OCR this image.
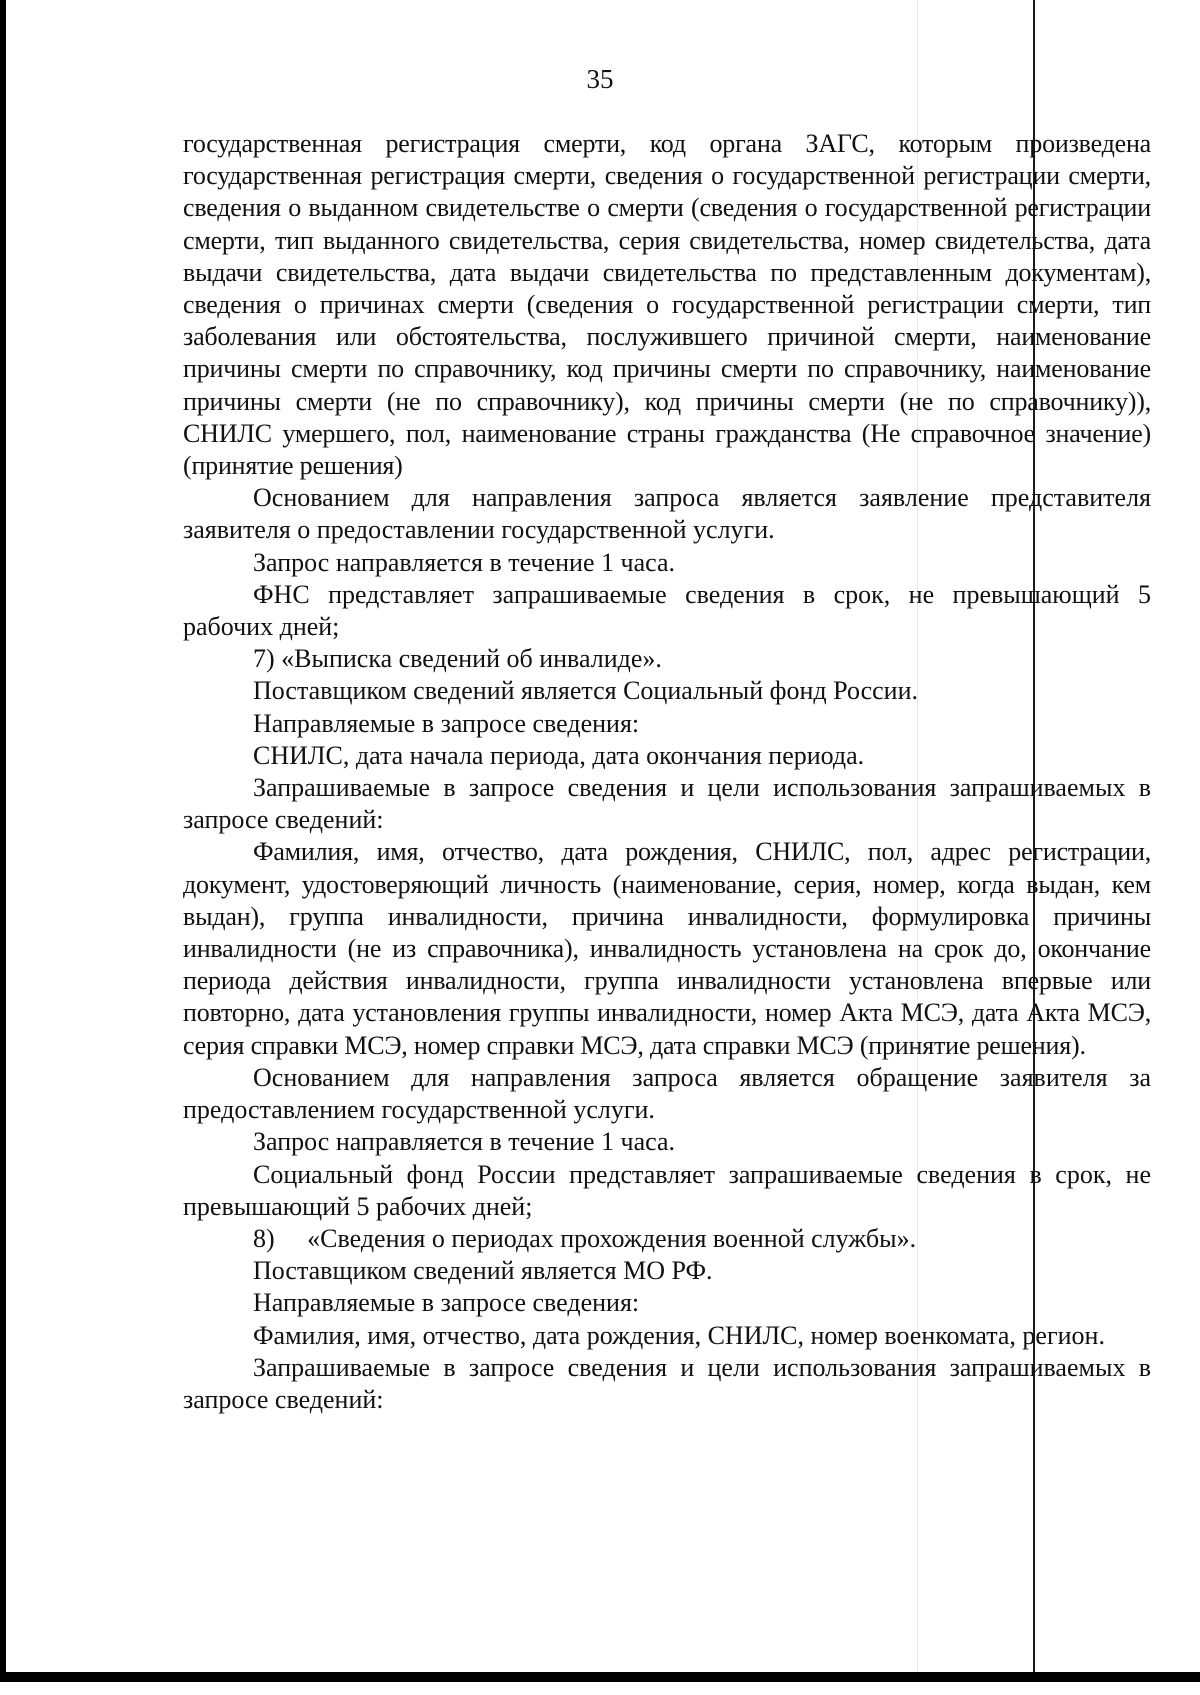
35

государственная регистрация смерти, код органа ЗАГС, которым произведена государственная регистрация смерти, сведения о государственной регистрации смерти, сведения о выданном свидетельстве о смерти (сведения о государственной регистрации смерти, тип выданного свидетельства, серия свидетельства, номер свидетельства, дата выдачи свидетельства, дата выдачи свидетельства по представленным документам), сведения о причинах смерти (сведения о государственной регистрации смерти, тип заболевания или обстоятельства, послужившего причиной смерти, наименование причины смерти по справочнику, код причины смерти по справочнику, наименование причины смерти (не по справочнику), код причины смерти (не по справочнику)), СНИЛС умершего, пол, наименование страны гражданства (Не справочное значение) (принятие решения)

Основанием для направления запроса является заявление представителя заявителя о предоставлении государственной услуги.

Запрос направляется в течение 1 часа.

ФНС представляет запрашиваемые сведения в срок, не превышающий 5 рабочих дней;

7) «Выписка сведений об инвалиде».

Поставщиком сведений является Социальный фонд России.

Направляемые в запросе сведения:

СНИЛС, дата начала периода, дата окончания периода.

Запрашиваемые в запросе сведения и цели использования запрашиваемых в запросе сведений:

Фамилия, имя, отчество, дата рождения, СНИЛС, пол, адрес регистрации, документ, удостоверяющий личность (наименование, серия, номер, когда выдан, кем выдан), группа инвалидности, причина инвалидности, формулировка причины инвалидности (не из справочника), инвалидность установлена на срок до, окончание периода действия инвалидности, группа инвалидности установлена впервые или повторно, дата установления группы инвалидности, номер Акта МСЭ, дата Акта МСЭ, серия справки МСЭ, номер справки МСЭ, дата справки МСЭ (принятие решения).

Основанием для направления запроса является обращение заявителя за предоставлением государственной услуги.

Запрос направляется в течение 1 часа.

Социальный фонд России представляет запрашиваемые сведения в срок, не превышающий 5 рабочих дней;

8)     «Сведения о периодах прохождения военной службы».

Поставщиком сведений является МО РФ.

Направляемые в запросе сведения:

Фамилия, имя, отчество, дата рождения, СНИЛС, номер военкомата, регион.

Запрашиваемые в запросе сведения и цели использования запрашиваемых в запросе сведений:
